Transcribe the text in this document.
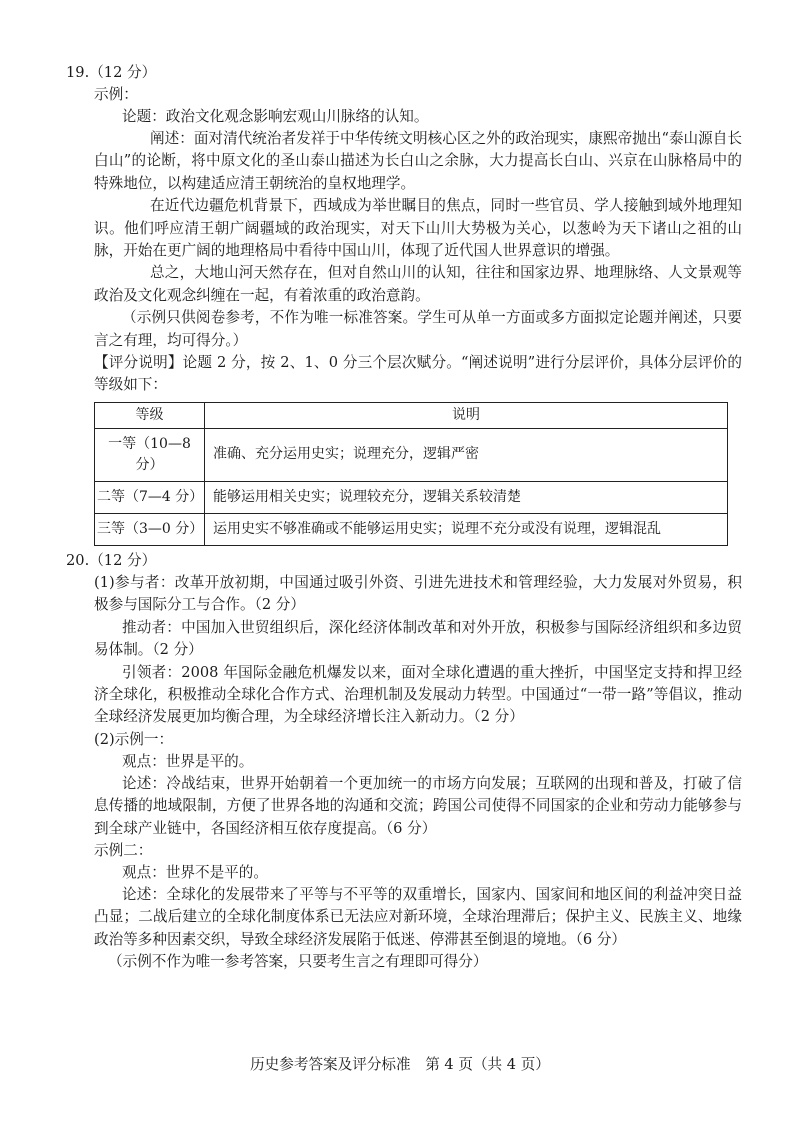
19.（12 分）
示例：
论题：政治文化观念影响宏观山川脉络的认知。
阐述：面对清代统治者发祥于中华传统文明核心区之外的政治现实，康熙帝抛出“泰山源自长白山”的论断，将中原文化的圣山泰山描述为长白山之余脉，大力提高长白山、兴京在山脉格局中的特殊地位，以构建适应清王朝统治的皇权地理学。
在近代边疆危机背景下，西域成为举世瞩目的焦点，同时一些官员、学人接触到域外地理知识。他们呼应清王朝广阔疆域的政治现实，对天下山川大势极为关心，以葱岭为天下诸山之祖的山脉，开始在更广阔的地理格局中看待中国山川，体现了近代国人世界意识的增强。
总之，大地山河天然存在，但对自然山川的认知，往往和国家边界、地理脉络、人文景观等政治及文化观念纠缠在一起，有着浓重的政治意韵。
（示例只供阅卷参考，不作为唯一标准答案。学生可从单一方面或多方面拟定论题并阐述，只要言之有理，均可得分。）
【评分说明】论题 2 分，按 2、1、0 分三个层次赋分。“阐述说明”进行分层评价，具体分层评价的等级如下：
等级	说明
一等（10—8 分）	准确、充分运用史实；说理充分，逻辑严密
二等（7—4 分）	能够运用相关史实；说理较充分，逻辑关系较清楚
三等（3—0 分）	运用史实不够准确或不能够运用史实；说理不充分或没有说理，逻辑混乱
20.（12 分）
(1)参与者：改革开放初期，中国通过吸引外资、引进先进技术和管理经验，大力发展对外贸易，积极参与国际分工与合作。（2 分）
推动者：中国加入世贸组织后，深化经济体制改革和对外开放，积极参与国际经济组织和多边贸易体制。（2 分）
引领者：2008 年国际金融危机爆发以来，面对全球化遭遇的重大挫折，中国坚定支持和捍卫经济全球化，积极推动全球化合作方式、治理机制及发展动力转型。中国通过“一带一路”等倡议，推动全球经济发展更加均衡合理，为全球经济增长注入新动力。（2 分）
(2)示例一：
观点：世界是平的。
论述：冷战结束，世界开始朝着一个更加统一的市场方向发展；互联网的出现和普及，打破了信息传播的地域限制，方便了世界各地的沟通和交流；跨国公司使得不同国家的企业和劳动力能够参与到全球产业链中，各国经济相互依存度提高。（6 分）
示例二：
观点：世界不是平的。
论述：全球化的发展带来了平等与不平等的双重增长，国家内、国家间和地区间的利益冲突日益凸显；二战后建立的全球化制度体系已无法应对新环境，全球治理滞后；保护主义、民族主义、地缘政治等多种因素交织，导致全球经济发展陷于低迷、停滞甚至倒退的境地。（6 分）
（示例不作为唯一参考答案，只要考生言之有理即可得分）
历史参考答案及评分标准　第 4 页（共 4 页）
